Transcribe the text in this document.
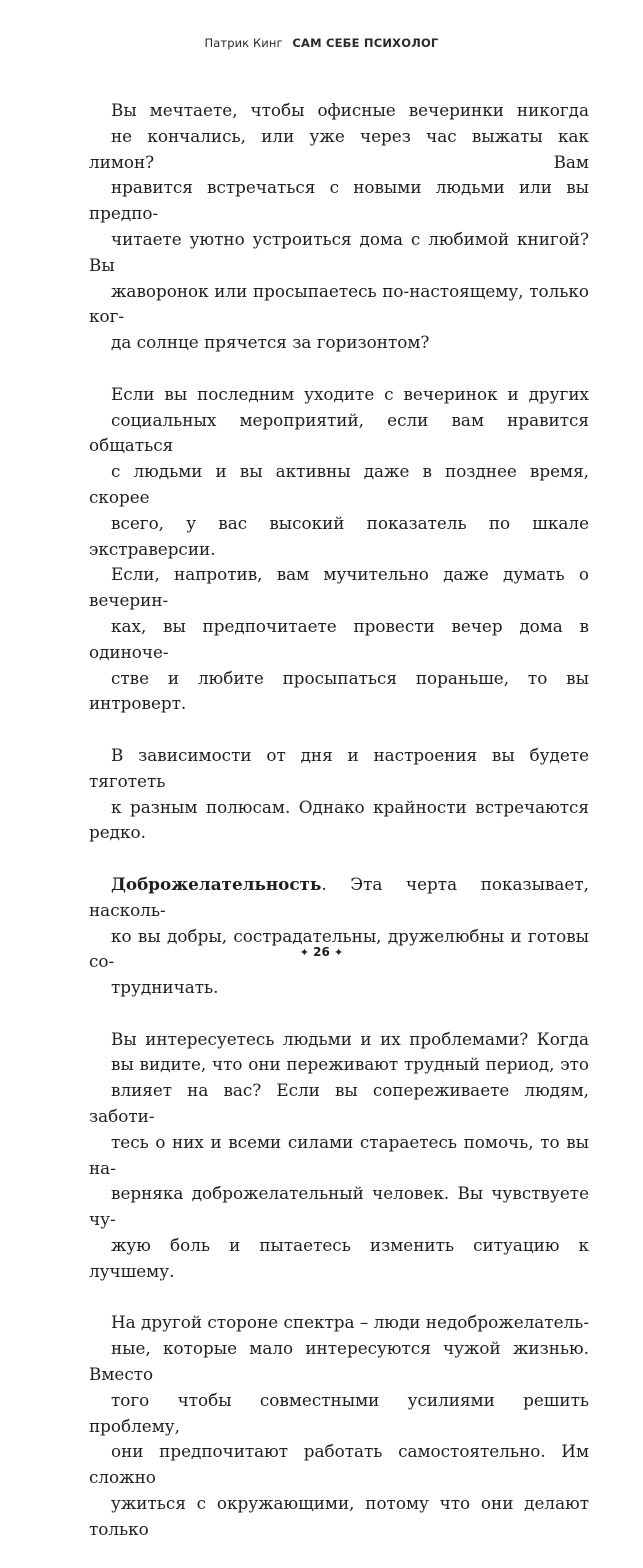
Патрик Кинг САМ СЕБЕ ПСИХОЛОГ

Вы мечтаете, чтобы офисные вечеринки никогда
не кончались, или уже через час выжаты как лимон? Вам
нравится встречаться с новыми людьми или вы предпо-
читаете уютно устроиться дома с любимой книгой? Вы
жаворонок или просыпаетесь по-настоящему, только ког-
да солнце прячется за горизонтом?

Если вы последним уходите с вечеринок и других
социальных мероприятий, если вам нравится общаться
с людьми и вы активны даже в позднее время, скорее
всего, у вас высокий показатель по шкале экстраверсии.
Если, напротив, вам мучительно даже думать о вечерин-
ках, вы предпочитаете провести вечер дома в одиноче-
стве и любите просыпаться пораньше, то вы интроверт.

В зависимости от дня и настроения вы будете тяготеть
к разным полюсам. Однако крайности встречаются редко.

Доброжелательность. Эта черта показывает, насколь-
ко вы добры, сострадательны, дружелюбны и готовы со-
трудничать.

Вы интересуетесь людьми и их проблемами? Когда
вы видите, что они переживают трудный период, это
влияет на вас? Если вы сопереживаете людям, заботи-
тесь о них и всеми силами стараетесь помочь, то вы на-
верняка доброжелательный человек. Вы чувствуете чу-
жую боль и пытаетесь изменить ситуацию к лучшему.

На другой стороне спектра – люди недоброжелатель-
ные, которые мало интересуются чужой жизнью. Вместо
того чтобы совместными усилиями решить проблему,
они предпочитают работать самостоятельно. Им сложно
ужиться с окружающими, потому что они делают только

✦ 26 ✦
